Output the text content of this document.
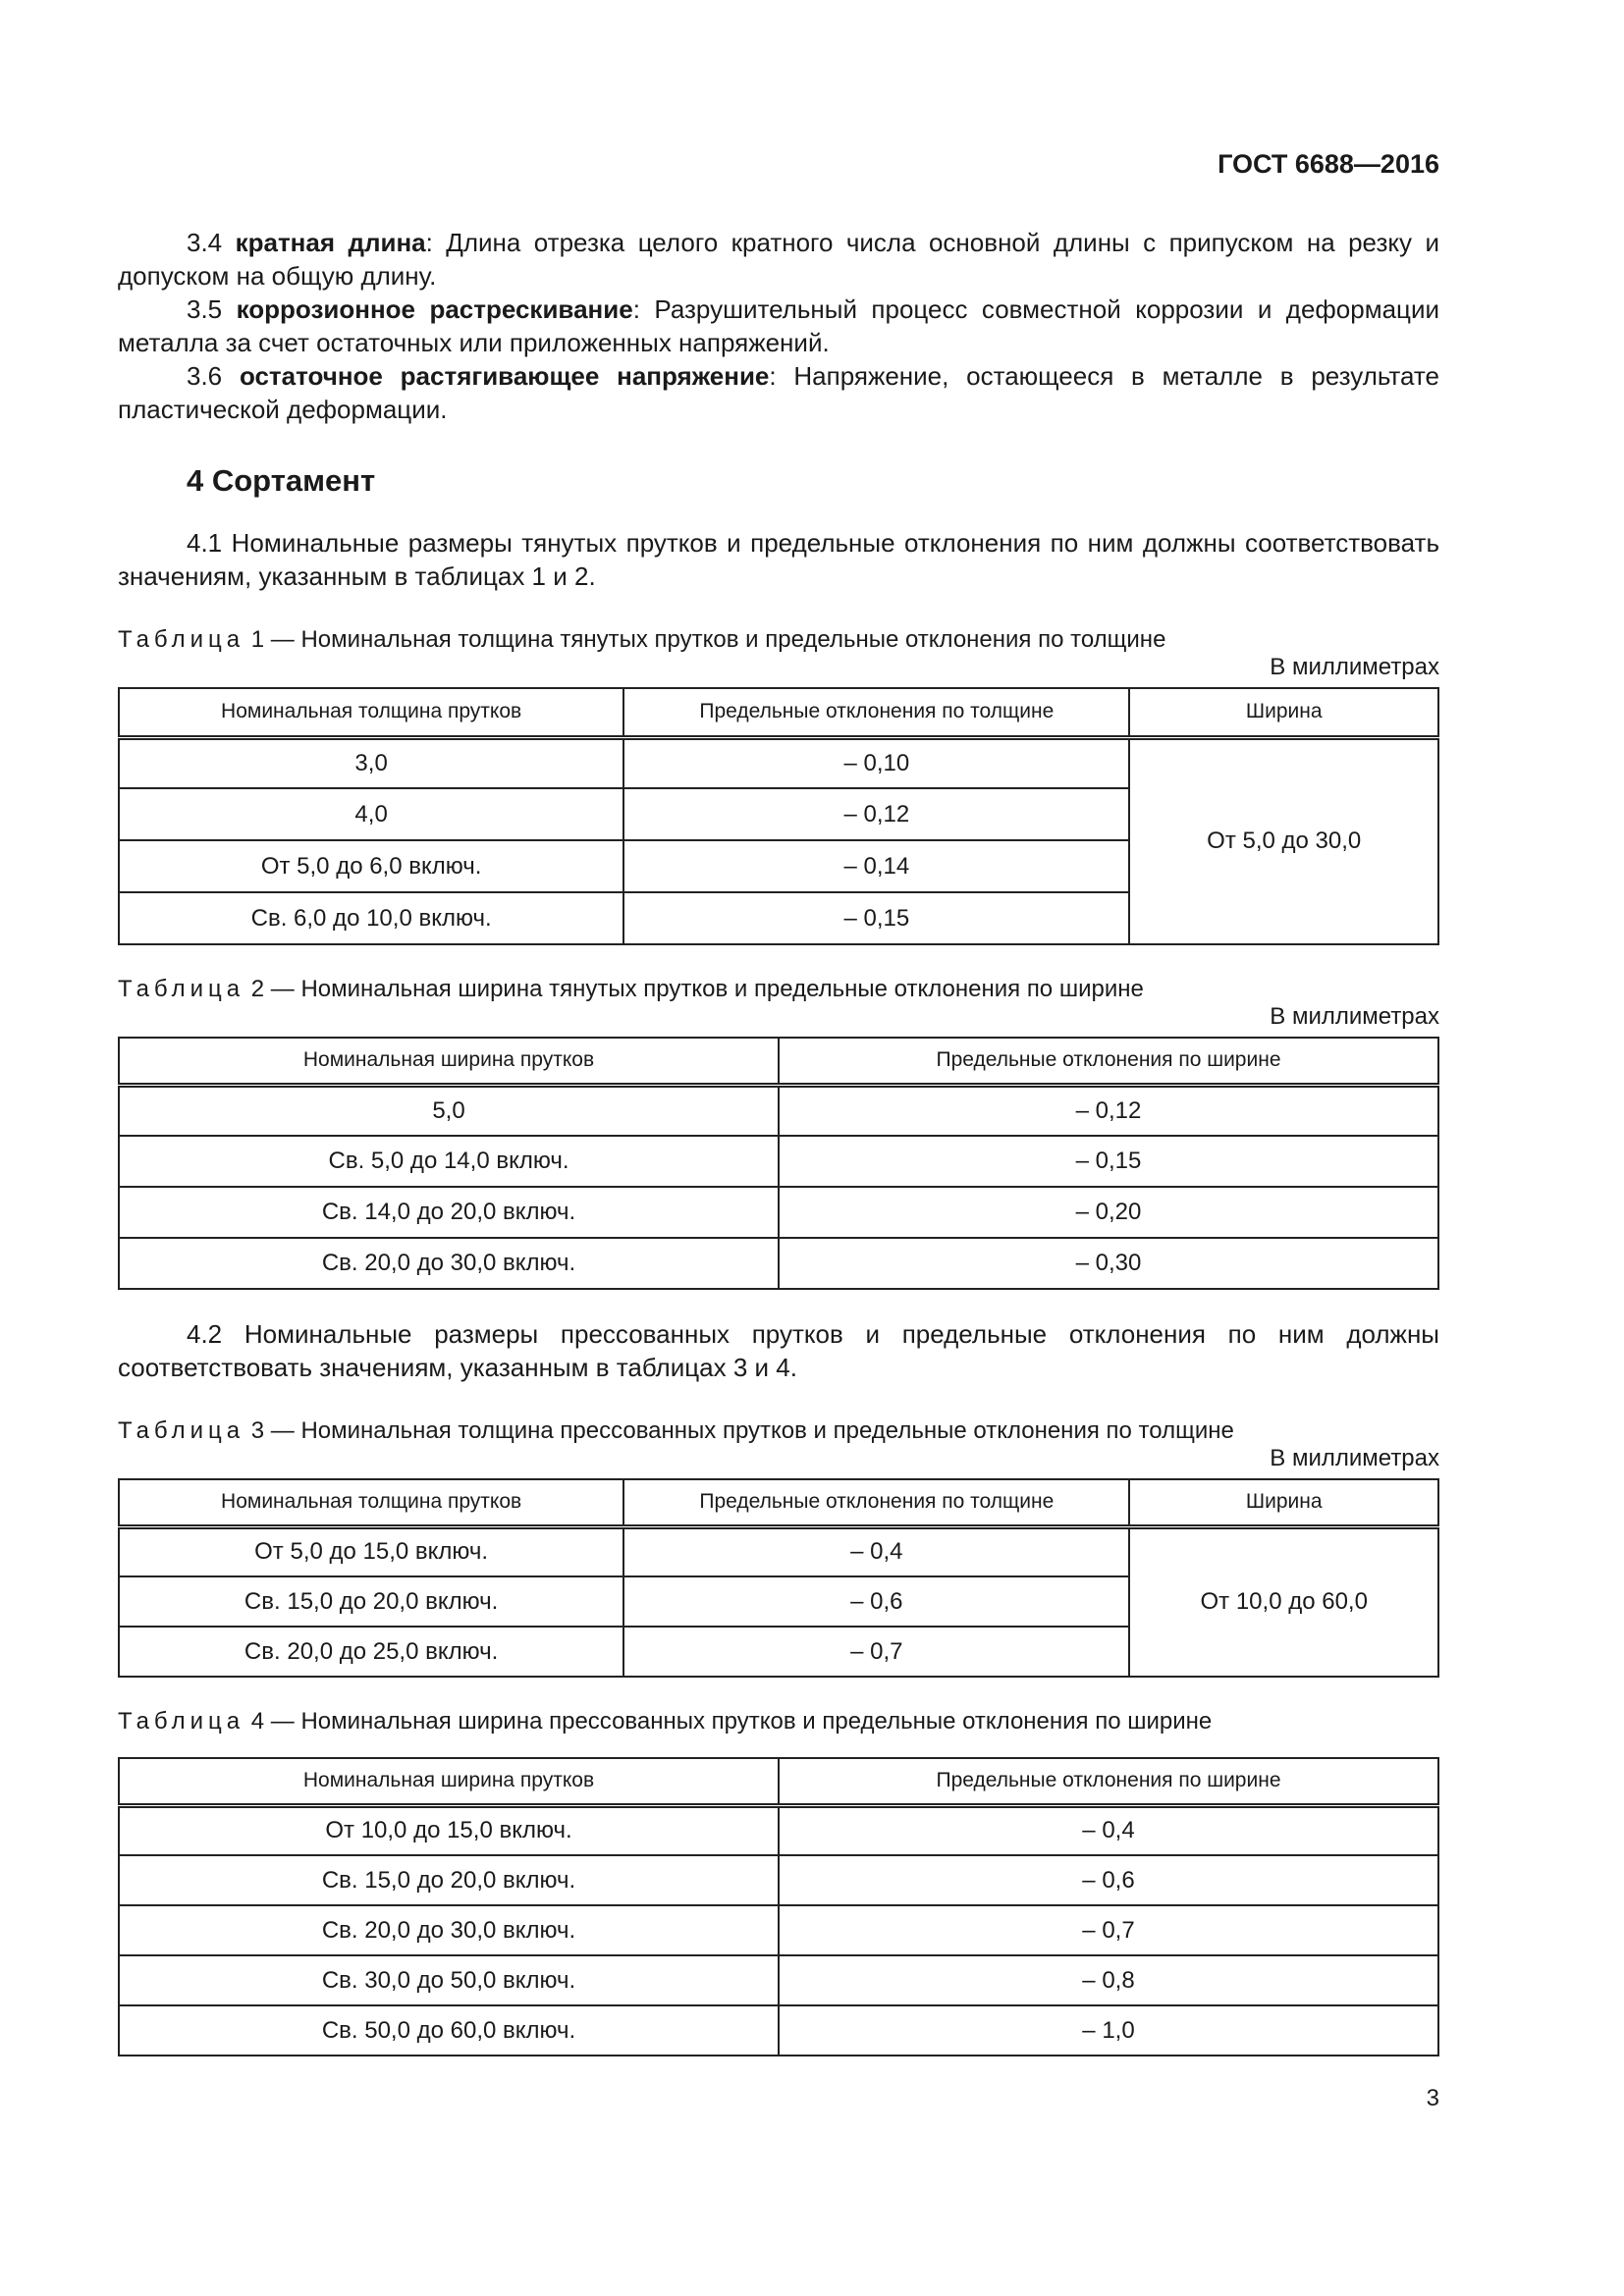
ГОСТ 6688—2016
3.4 кратная длина: Длина отрезка целого кратного числа основной длины с припуском на резку и допуском на общую длину.
3.5 коррозионное растрескивание: Разрушительный процесс совместной коррозии и деформации металла за счет остаточных или приложенных напряжений.
3.6 остаточное растягивающее напряжение: Напряжение, остающееся в металле в результате пластической деформации.
4 Сортамент
4.1 Номинальные размеры тянутых прутков и предельные отклонения по ним должны соответствовать значениям, указанным в таблицах 1 и 2.
Таблица 1 — Номинальная толщина тянутых прутков и предельные отклонения по толщине
В миллиметрах
Номинальная толщина прутков	Предельные отклонения по толщине	Ширина
3,0	– 0,10	От 5,0 до 30,0
4,0	– 0,12	
От 5,0 до 6,0 включ.	– 0,14	
Св. 6,0 до 10,0 включ.	– 0,15	
Таблица 2 — Номинальная ширина тянутых прутков и предельные отклонения по ширине
В миллиметрах
Номинальная ширина прутков	Предельные отклонения по ширине
5,0	– 0,12
Св. 5,0 до 14,0 включ.	– 0,15
Св. 14,0 до 20,0 включ.	– 0,20
Св. 20,0 до 30,0 включ.	– 0,30
4.2 Номинальные размеры прессованных прутков и предельные отклонения по ним должны соответствовать значениям, указанным в таблицах 3 и 4.
Таблица 3 — Номинальная толщина прессованных прутков и предельные отклонения по толщине
В миллиметрах
Номинальная толщина прутков	Предельные отклонения по толщине	Ширина
От 5,0 до 15,0 включ.	– 0,4	От 10,0 до 60,0
Св. 15,0 до 20,0 включ.	– 0,6	
Св. 20,0 до 25,0 включ.	– 0,7	
Таблица 4 — Номинальная ширина прессованных прутков и предельные отклонения по ширине
Номинальная ширина прутков	Предельные отклонения по ширине
От 10,0 до 15,0 включ.	– 0,4
Св. 15,0 до 20,0 включ.	– 0,6
Св. 20,0 до 30,0 включ.	– 0,7
Св. 30,0 до 50,0 включ.	– 0,8
Св. 50,0 до 60,0 включ.	– 1,0
3
